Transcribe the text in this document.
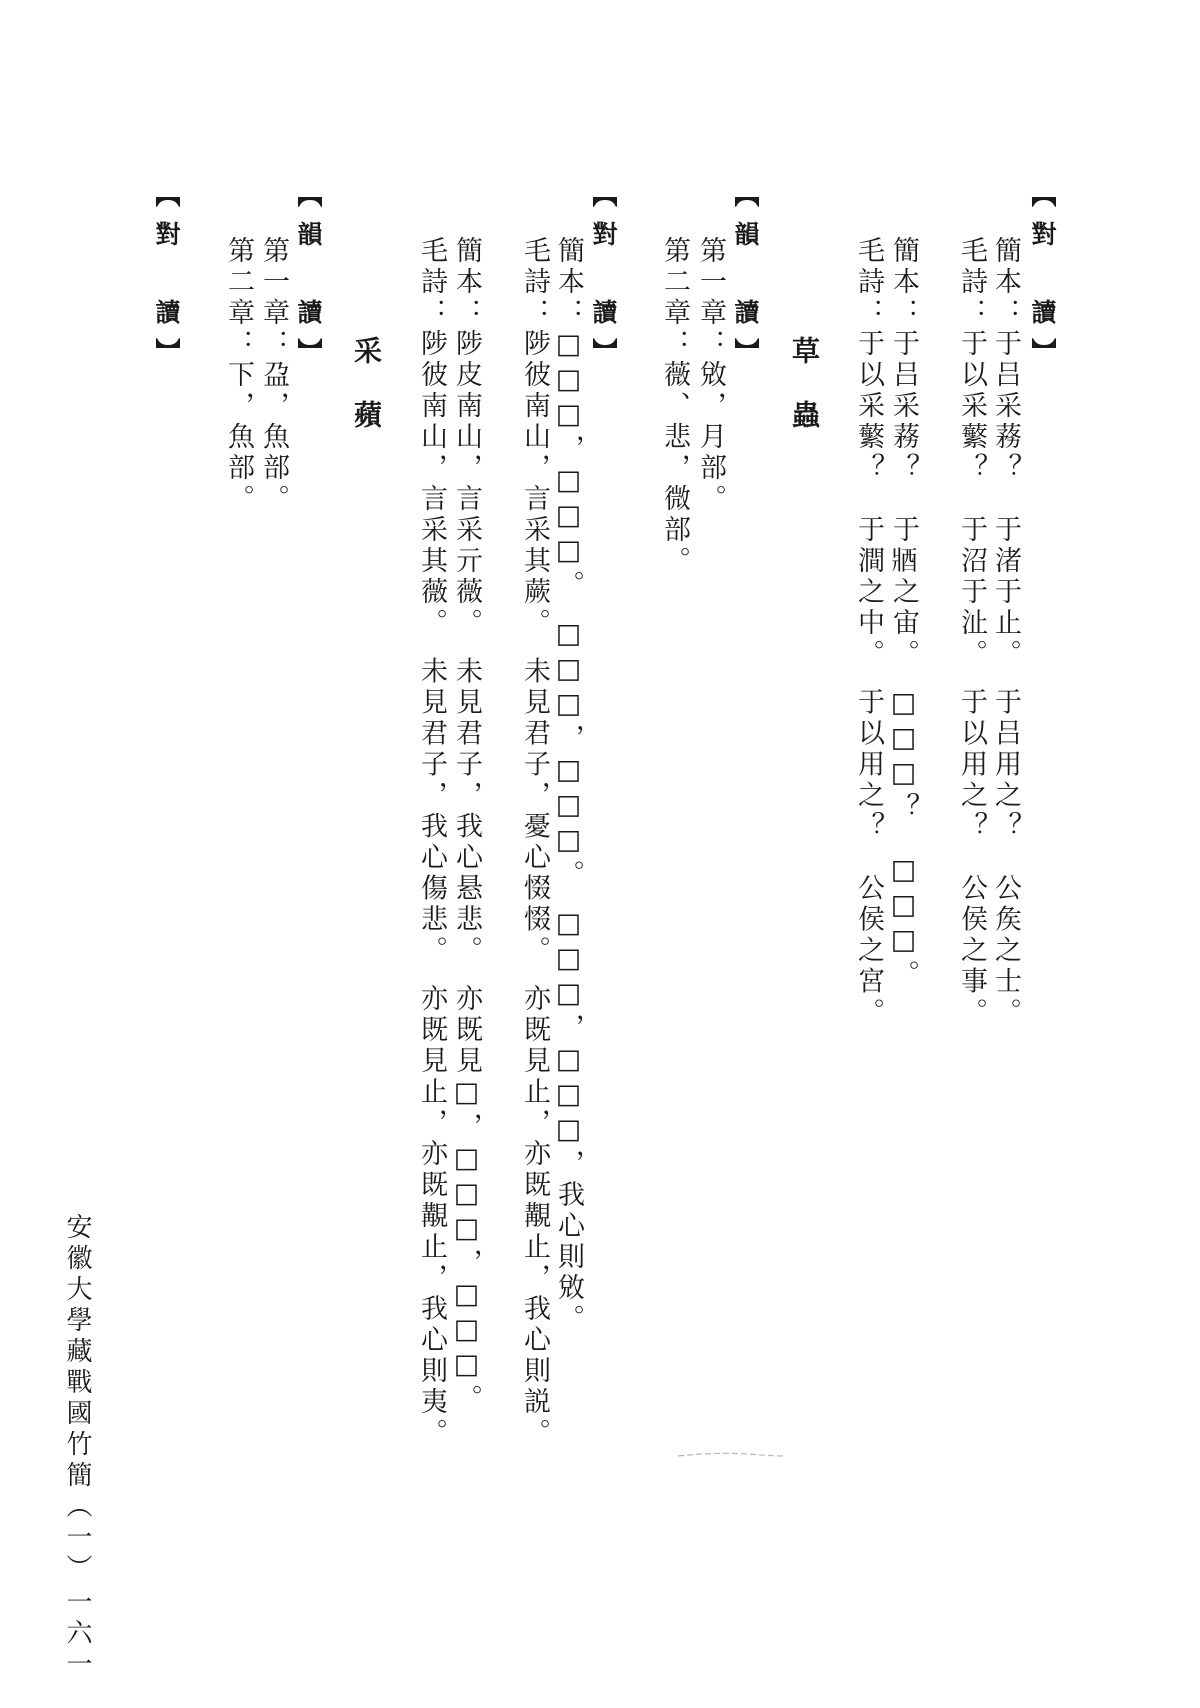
【對　讀】
簡本：于吕采蓩？　于渚于止。　于吕用之？　公矦之士。
毛詩：于以采蘩？　于沼于沚。　于以用之？　公侯之事。
簡本：于吕采蓩？　于𨟻之宙。　□□□？　□□□。
毛詩：于以采蘩？　于澗之中。　于以用之？　公侯之宮。
草蟲
【韻　讀】
第一章：敓，月部。
第二章：薇、悲，微部。
【對　讀】
簡本：□□□，□□□。　□□□，□□□。　□□□，□□□，我心則敓。
毛詩：陟彼南山，言采其蕨。　未見君子，憂心惙惙。　亦既見止，亦既覯止，我心則説。
簡本：陟皮南山，言采亓薇。　未見君子，我心悬悲。　亦既見□，□□□，□□□。
毛詩：陟彼南山，言采其薇。　未見君子，我心傷悲。　亦既見止，亦既覯止，我心則夷。
采蘋
【韻　讀】
第一章：盁，魚部。
第二章：下，魚部。
【對　讀】
安徽大學藏戰國竹簡（一）
一六一
